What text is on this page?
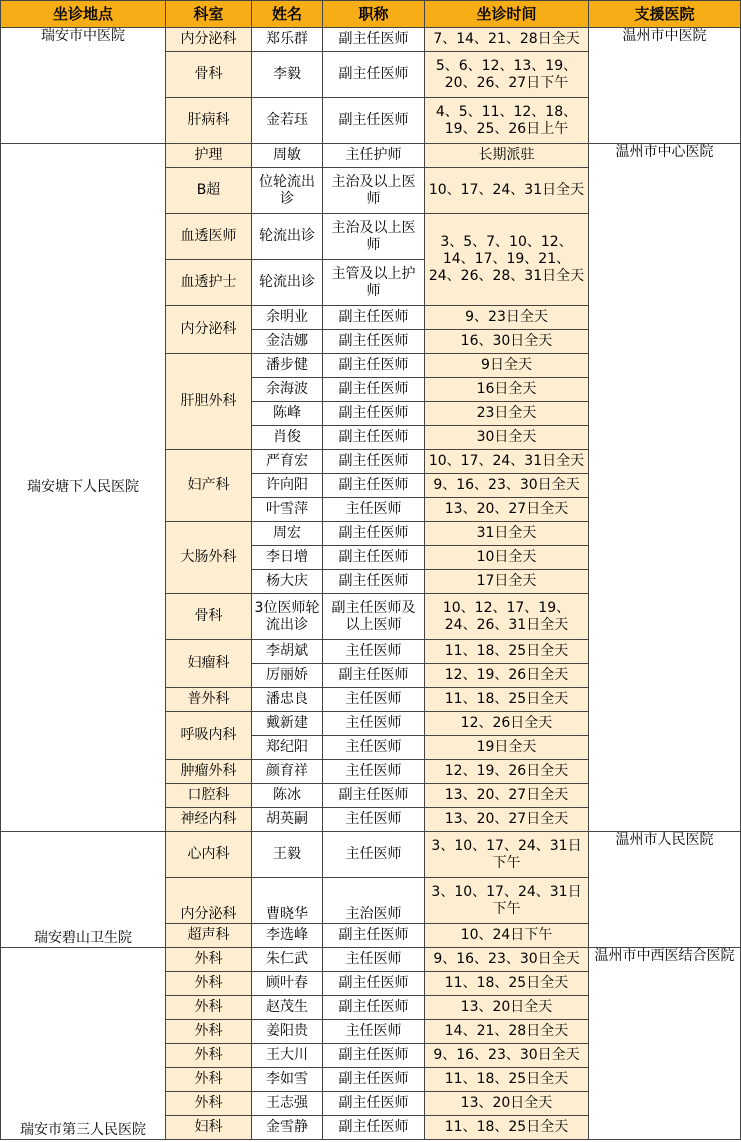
坐诊地点	科室	姓名	职称	坐诊时间	支援医院
瑞安市中医院	内分泌科	郑乐群	副主任医师	7、14、21、28日全天	温州市中医院
	骨科	李毅	副主任医师	5、6、12、13、19、20、26、27日下午	
	肝病科	金若珏	副主任医师	4、5、11、12、18、19、25、26日上午	
瑞安塘下人民医院	护理	周敏	主任护师	长期派驻	温州市中心医院
	B超	位轮流出诊	主治及以上医师	10、17、24、31日全天	
	血透医师	轮流出诊	主治及以上医师	3、5、7、10、12、14、17、19、21、24、26、28、31日全天	
	血透护士	轮流出诊	主管及以上护师		
	内分泌科	余明业	副主任医师	9、23日全天	
		金洁娜	副主任医师	16、30日全天	
	肝胆外科	潘步健	副主任医师	9日全天	
		余海波	副主任医师	16日全天	
		陈峰	副主任医师	23日全天	
		肖俊	副主任医师	30日全天	
	妇产科	严育宏	副主任医师	10、17、24、31日全天	
		许向阳	副主任医师	9、16、23、30日全天	
		叶雪萍	主任医师	13、20、27日全天	
	大肠外科	周宏	副主任医师	31日全天	
		李日增	副主任医师	10日全天	
		杨大庆	副主任医师	17日全天	
	骨科	3位医师轮流出诊	副主任医师及以上医师	10、12、17、19、24、26、31日全天	
	妇瘤科	李胡斌	主任医师	11、18、25日全天	
		厉丽娇	副主任医师	12、19、26日全天	
	普外科	潘忠良	主任医师	11、18、25日全天	
	呼吸内科	戴新建	主任医师	12、26日全天	
		郑纪阳	主任医师	19日全天	
	肿瘤外科	颜育祥	主任医师	12、19、26日全天	
	口腔科	陈冰	副主任医师	13、20、27日全天	
	神经内科	胡英嗣	主任医师	13、20、27日全天	
瑞安碧山卫生院	心内科	王毅	主任医师	3、10、17、24、31日下午	温州市人民医院
	内分泌科	曹晓华	主治医师	3、10、17、24、31日下午	
	超声科	李选峰	副主任医师	10、24日下午	
瑞安市第三人民医院	外科	朱仁武	主任医师	9、16、23、30日全天	温州市中西医结合医院
	外科	顾叶春	副主任医师	11、18、25日全天	
	外科	赵茂生	副主任医师	13、20日全天	
	外科	姜阳贵	主任医师	14、21、28日全天	
	外科	王大川	副主任医师	9、16、23、30日全天	
	外科	李如雪	副主任医师	11、18、25日全天	
	外科	王志强	副主任医师	13、20日全天	
	妇科	金雪静	副主任医师	11、18、25日全天	
